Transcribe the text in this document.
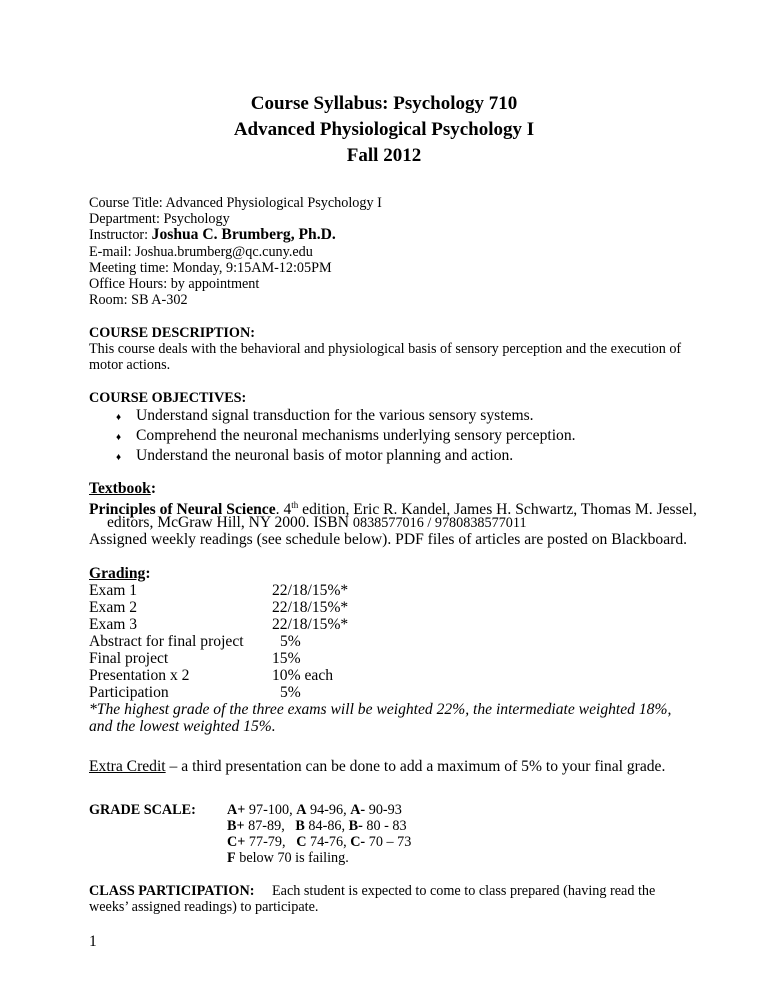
Course Syllabus: Psychology 710
Advanced Physiological Psychology I
Fall 2012
Course Title: Advanced Physiological Psychology I
Department: Psychology
Instructor: Joshua C. Brumberg, Ph.D.
E-mail: Joshua.brumberg@qc.cuny.edu
Meeting time: Monday, 9:15AM-12:05PM
Office Hours: by appointment
Room: SB A-302
COURSE DESCRIPTION:
This course deals with the behavioral and physiological basis of sensory perception and the execution of
motor actions.
COURSE OBJECTIVES:
♦ Understand signal transduction for the various sensory systems.
♦ Comprehend the neuronal mechanisms underlying sensory perception.
♦ Understand the neuronal basis of motor planning and action.
Textbook:
Principles of Neural Science. 4th edition, Eric R. Kandel, James H. Schwartz, Thomas M. Jessel,
editors, McGraw Hill, NY 2000. ISBN 0838577016 / 9780838577011
Assigned weekly readings (see schedule below). PDF files of articles are posted on Blackboard.
Grading:
Exam 1	22/18/15%*
Exam 2	22/18/15%*
Exam 3	22/18/15%*
Abstract for final project 5%
Final project	15%
Presentation x 2	10% each
Participation	5%
*The highest grade of the three exams will be weighted 22%, the intermediate weighted 18%,
and the lowest weighted 15%.
Extra Credit – a third presentation can be done to add a maximum of 5% to your final grade.
GRADE SCALE: A+ 97-100, A 94-96, A- 90-93
B+ 87-89,   B 84-86, B- 80 - 83
C+ 77-79,   C 74-76, C- 70 – 73
F below 70 is failing.
CLASS PARTICIPATION: Each student is expected to come to class prepared (having read the
weeks’ assigned readings) to participate.
1
